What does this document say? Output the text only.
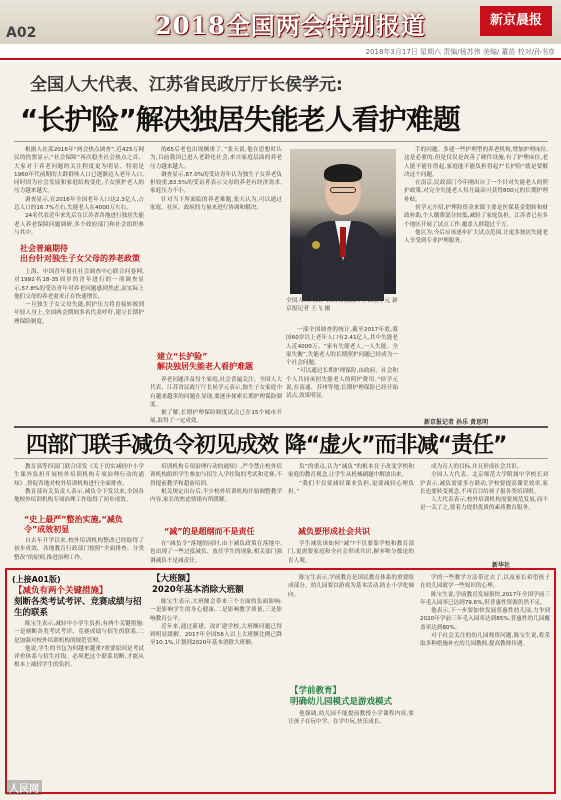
A02	2018全国两会特别报道	新京晨报
2018年3月17日 星期六 责编/杨苏伟 美编/ 董苗 校对/孙书彦
全国人大代表、江苏省民政厅厅长侯学元:
“长护险”解决独居失能老人看护难题

根据人社部2016年“两会热点调查”,近425万网民的投票显示,“社会保障”再次稳坐社会热点之首。大家对于养老问题的关注程度更为明显。特别是1960年代前期的大龄群体人口已逐渐迈入老年人口,同时因为社会发展和家庭结构变化,子女照护老人的压力越来越大。

调查显示,在2016年全国老年人口达2.3亿人,占总人口的16.7%左右,失能老人在4000万左右。

24名代表近年来先后在江苏省各地进行独居失能老人养老保障问题调研,多个政府部门和社会组织参与其中。

社会普遍期待
出台针对独生子女父母的养老政策

上海、中国青年报社社会调查中心联合问卷网,对1992名18-35周岁的青年进行的一项调查显示,57.8%的受访青年对养老问题感到焦虑,而实际上他们父母的养老需求正在快速增长。

一旦独生子女父母失能,照护压力将直接转嫁到年轻人身上,全国两会期间多名代表呼吁,建立长期护理保险制度。

的65后老也出现侧重了。”张天说,他在思想时认为,目前我国已进入老龄化社会,来自家庭层面的养老压力越来越大。

调查显示,87.0%的受访青年认为独生子女养老负担较重,83.5%的受访者表示父母的养老有经济需求,家庭压力不小。

针对当下所面临的养老难题,张天认为,可以通过家庭、社区、政府的力量来进行协调和解决。

建立“长护险”
解决独居失能老人看护难题

养老问题涉及每个家庭,社会普遍关注。全国人大代表、江苏省民政厅厅长侯学元表示,独生子女家庭中有越来越多的问题在显现,要逐步探索长期护理保险制度。

据了解,长期护理保险制度试点已在15个城市开展,取得了一定成效。

全国人大代表、江苏省民政厅厅长侯学元 新京报记者 王飞 摄

一部全国调查的统计,截至2017年底,我国60岁以上老年人口有2.41亿人,其中失能老人近4000万。“家有失能老人,一人失能、全家失衡”,失能老人的长期照护问题已经成为一个社会问题。

“可以通过长期护理保险,由政府、社会和个人共同承担失能老人的照护费用。”侯学元说,在南通、苏州等地,长期护理保险已经开始试点,效果明显。

手的问题。多建一些护理型的养老机构,增加护理床位,这是必要的,但是仅仅是改善了硬件设施,有了护理床位,老人能不能住得起,家庭能不能负担得起?“长护险”就是要解决这个问题。

在南京,民政部门今年刚出台了一个针对失能老人的照护政策,对完全失能老人每月最高可获得800元的长期护理补贴。

侯学元介绍,护理险资金来源主要是医保基金划转和财政补助,个人缴费部分较低,减轻了家庭负担。江苏省已有多个地区开展了试点工作,覆盖人群超过千万。

他认为,今后应该逐步扩大试点范围,让更多独居失能老人享受到专业护理服务。

新京报记者 孙乐 黄思明
四部门联手减负令初见成效 降“虚火”而非减“责任”

教育部等四部门联合印发《关于切实减轻中小学生课外负担开展校外培训机构专项治理行动的通知》,督促各地对校外培训机构进行全面排查。

教育部有关负责人表示,减负令下发以来,全国各地校外培训机构专项治理工作取得了初步成效。

“史上最严”整治实施,“减负令”成效初显

自去年开学以来,校外培训机构整改已经取得了初步成效。各地教育行政部门按照“全面排查、分类整改”的原则,推进治理工作。

培训机构专项治理行动的通知》,严令禁止校外培训机构组织学生参加与招生入学挂钩的考试和竞赛,不得提前教学和超前培训。

相关规定出台后,不少校外培训机构开始调整教学内容,家长的焦虑情绪有所缓解。

“减”的是超纲而不是责任

在“减负令”落地的同时,由于减负政策在落地中,也出现了一些过度减负、放任学生的现象,相关部门强调减负不是减责任。

负”的重点,认为“减负”的根本在于改变学校和家庭的教育观念,让学生从机械刷题中解放出来。

“我们不仅要减轻课业负担,更要减轻心理负担。”

减负要形成社会共识

学生减负该如何“减”?不仅要靠学校和教育部门,更需要家庭和全社会形成共识,摒弃唯分数论的育人观。

成为育人的目标,并且形成社会共识。

全国人大代表、北京师范大学附属中学校长刘沪表示,减负需要多方联动,学校要提高课堂效率,家长也要转变观念,不再盲目给孩子报各类培训班。

人大代表表示,校外培训机构需要规范发展,而不是一关了之,要着力提供优质的素质教育服务。

新华社
(上接A01版)
【减负有两个关键措施】
刻断各类考试考评、竞赛成绩与招生的联系

陈宝生表示,减轻中小学生负担,有两个关键措施:一是刻断各类考试考评、竞赛成绩与招生的联系,二是加强对校外培训机构的规范管理。

他说,学生的书包为何越来越重?重要原因是考试评价体系与招生挂钩。必须把这个联系切断,才能从根本上减轻学生的负担。

【大班额】
2020年基本消除大班额

陈宝生表示,大班额会带来三个方面的负面影响:一是影响学生的身心健康,二是影响教学质量,三是影响教育公平。

近年来,通过新建、改扩建学校,大班额问题已得到明显缓解。2017年全国56人以上大班额比例已降至10.1%,计划到2020年基本消除大班额。

【学前教育】
明确幼儿园模式是游戏模式

陈宝生表示,学前教育是国民教育体系的重要组成部分。幼儿园要以游戏为基本活动,防止小学化倾向。

他强调,幼儿园不能提前教授小学课程内容,要让孩子在玩中学、在学中玩,快乐成长。

学的一些教学方法带过去了,以及家长希望孩子在幼儿园就学一些知识的心理。

陈宝生说,学前教育发展很快,2017年全国学前三年毛入园率已达到79.6%,但普惠性资源仍然不足。

他表示,下一步要加快发展普惠性幼儿园,力争到2020年学前三年毛入园率达到85%,普惠性幼儿园覆盖率达到80%。

对于社会关注的幼儿园师资问题,陈宝生说,将采取多种措施补充幼儿园教师,提高教师待遇。

人民网
